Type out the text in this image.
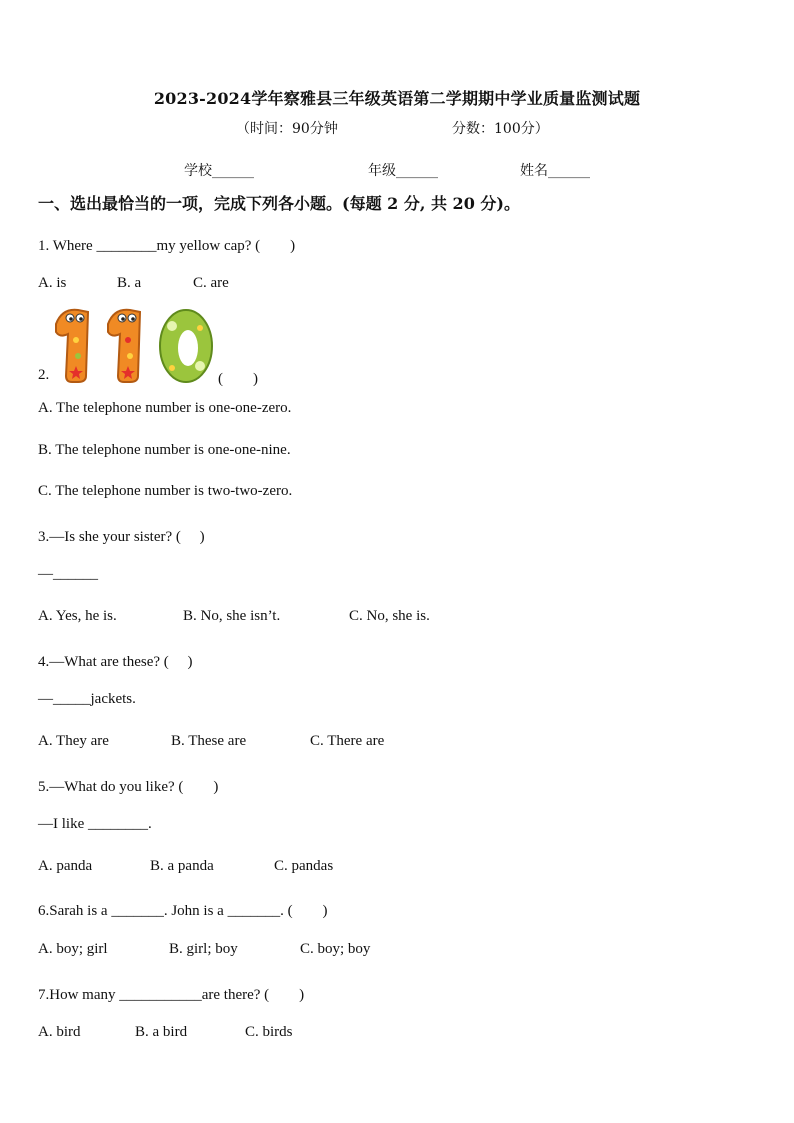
2023-2024学年察雅县三年级英语第二学期期中学业质量监测试题
（时间：90分钟	分数：100分）
学校______	年级______	姓名______
一、选出最恰当的一项，完成下列各小题。(每题 2 分, 共 20 分)。
1. Where ________my yellow cap? (　　)
A. is	B. a	C. are
2.	(　　)
A. The telephone number is one-one-zero.
B. The telephone number is one-one-nine.
C. The telephone number is two-two-zero.
3.—Is she your sister? (　 )
—______
A. Yes, he is.	B. No, she isn’t.	C. No, she is.
4.—What are these? (　 )
—_____jackets.
A. They are	B. These are	C. There are
5.—What do you like? (　　)
—I like ________.
A. panda	B. a panda	C. pandas
6.Sarah is a _______. John is a _______. (　　)
A. boy; girl	B. girl; boy	C. boy; boy
7.How many ___________are there? (　　)
A. bird	B. a bird	C. birds
